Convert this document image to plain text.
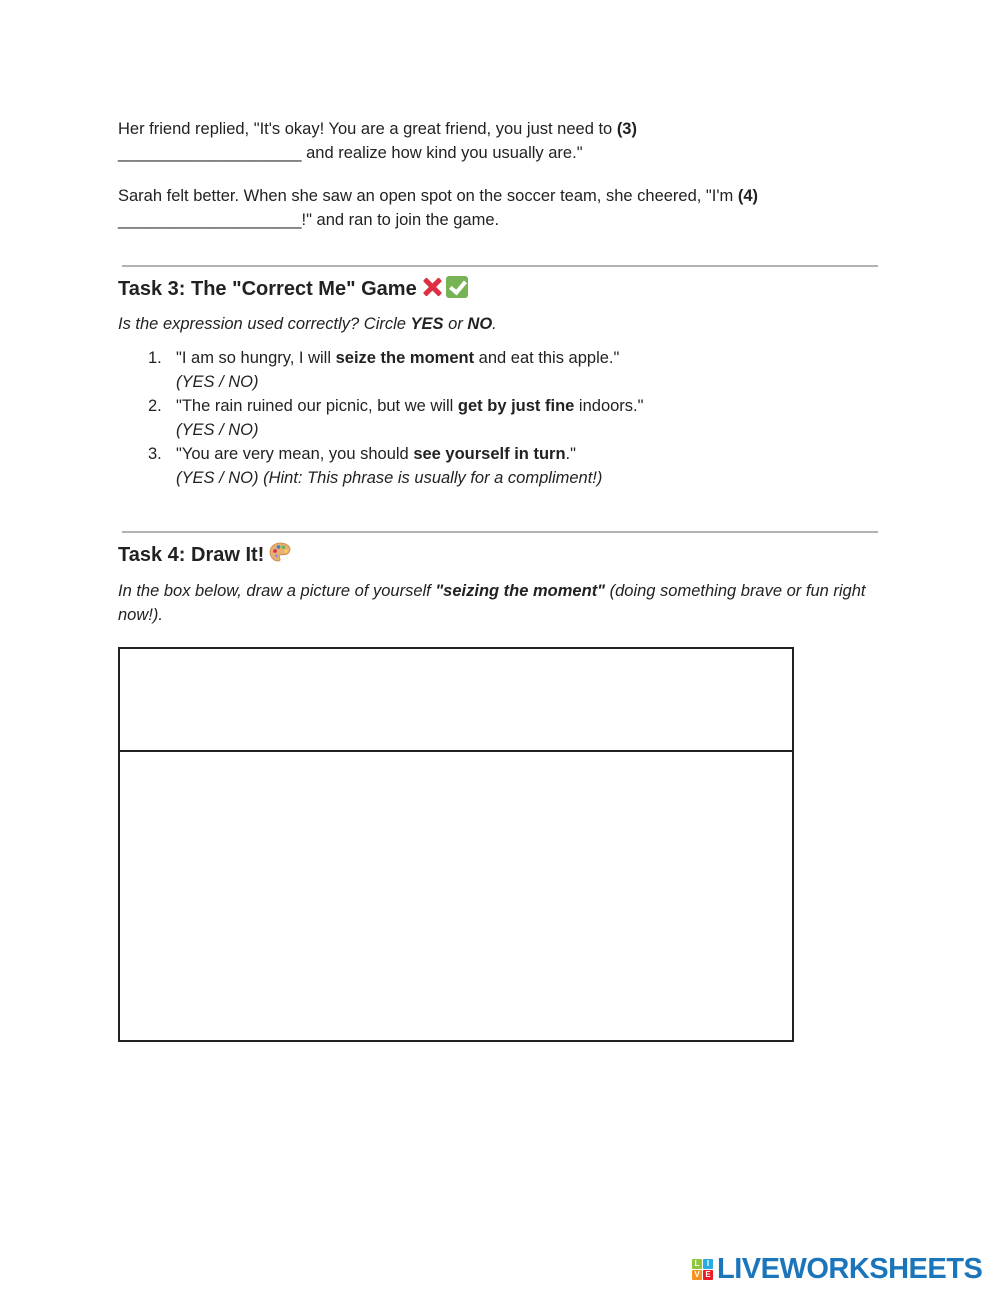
Her friend replied, "It's okay! You are a great friend, you just need to (3)
____________________ and realize how kind you usually are."

Sarah felt better. When she saw an open spot on the soccer team, she cheered, "I'm (4)
____________________!" and ran to join the game.

Task 3: The "Correct Me" Game

Is the expression used correctly? Circle YES or NO.

1. "I am so hungry, I will seize the moment and eat this apple."
(YES / NO)
2. "The rain ruined our picnic, but we will get by just fine indoors."
(YES / NO)
3. "You are very mean, you should see yourself in turn."
(YES / NO) (Hint: This phrase is usually for a compliment!)
Task 4: Draw It!

In the box below, draw a picture of yourself "seizing the moment" (doing something brave or fun right now!).

L I
V E LIVEWORKSHEETS
